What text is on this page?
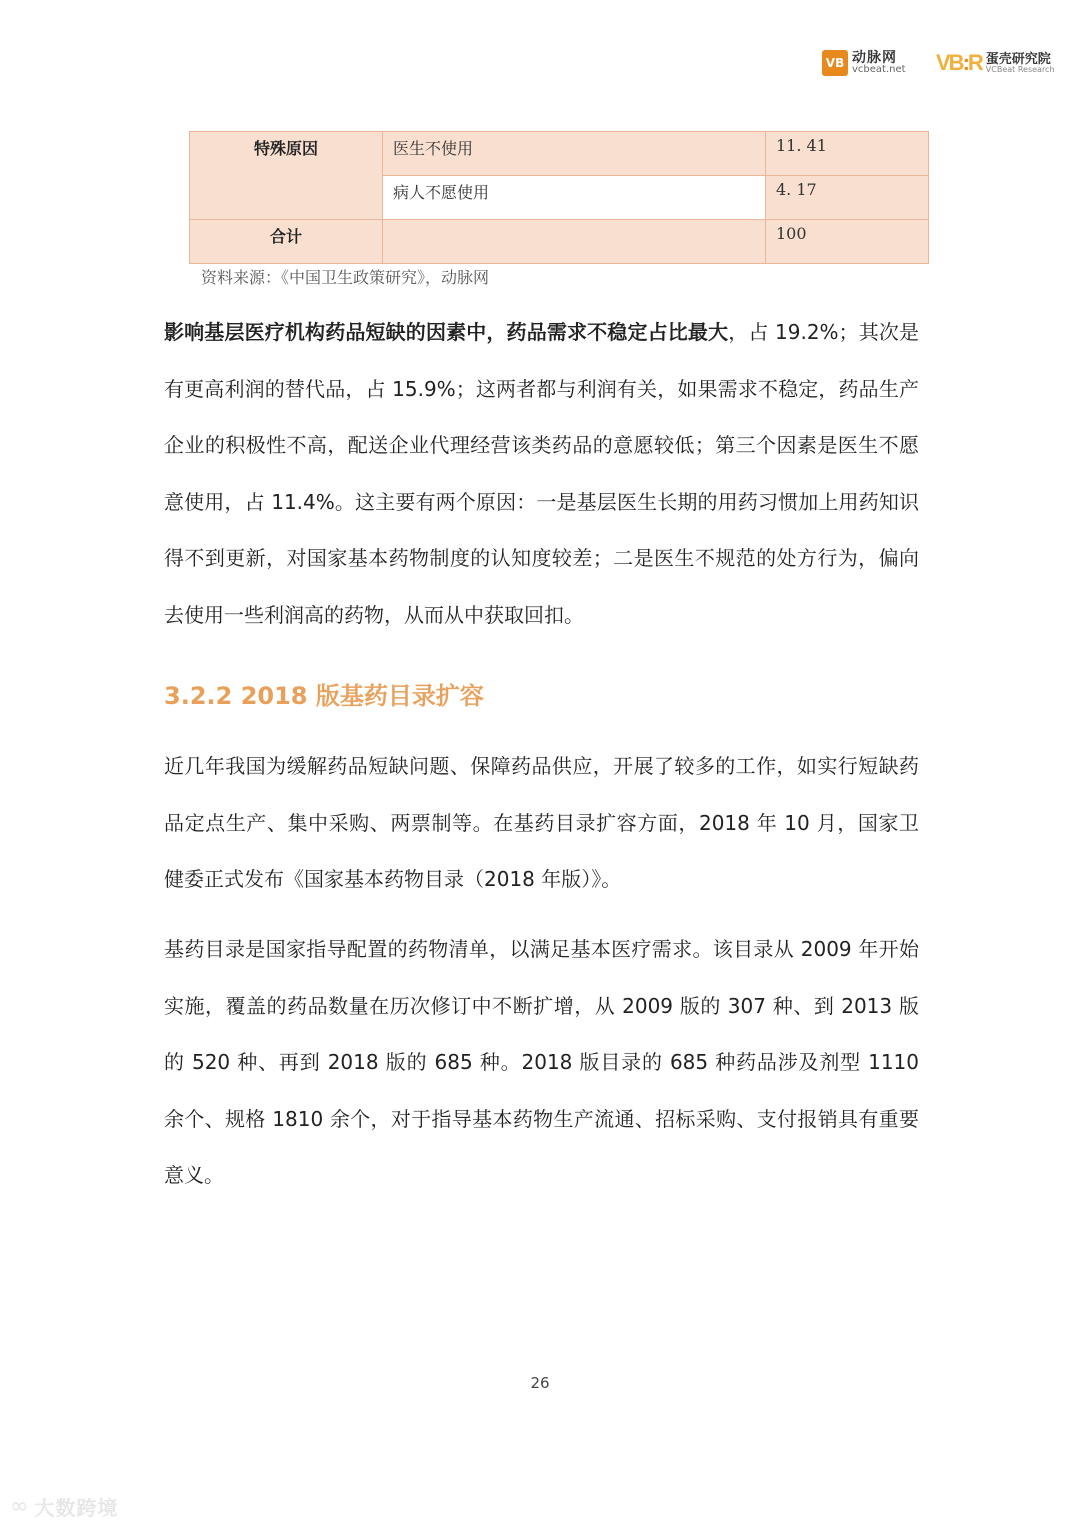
VB 动脉网
vcbeat.net VB:R 蛋壳研究院
VCBeat Research
特殊原因	医生不使用	11. 41
	病人不愿使用	4. 17
合计		100
资料来源：《中国卫生政策研究》，动脉网

影响基层医疗机构药品短缺的因素中，药品需求不稳定占比最大，占 19.2%；其次是有更高利润的替代品，占 15.9%；这两者都与利润有关，如果需求不稳定，药品生产企业的积极性不高，配送企业代理经营该类药品的意愿较低；第三个因素是医生不愿意使用，占 11.4%。这主要有两个原因：一是基层医生长期的用药习惯加上用药知识得不到更新，对国家基本药物制度的认知度较差；二是医生不规范的处方行为，偏向去使用一些利润高的药物，从而从中获取回扣。

3.2.2 2018 版基药目录扩容

近几年我国为缓解药品短缺问题、保障药品供应，开展了较多的工作，如实行短缺药品定点生产、集中采购、两票制等。在基药目录扩容方面，2018 年 10 月，国家卫健委正式发布《国家基本药物目录（2018 年版）》。

基药目录是国家指导配置的药物清单，以满足基本医疗需求。该目录从 2009 年开始实施，覆盖的药品数量在历次修订中不断扩增，从 2009 版的 307 种、到 2013 版的 520 种、再到 2018 版的 685 种。2018 版目录的 685 种药品涉及剂型 1110 余个、规格 1810 余个，对于指导基本药物生产流通、招标采购、支付报销具有重要意义。

26
∞ 大数跨境
